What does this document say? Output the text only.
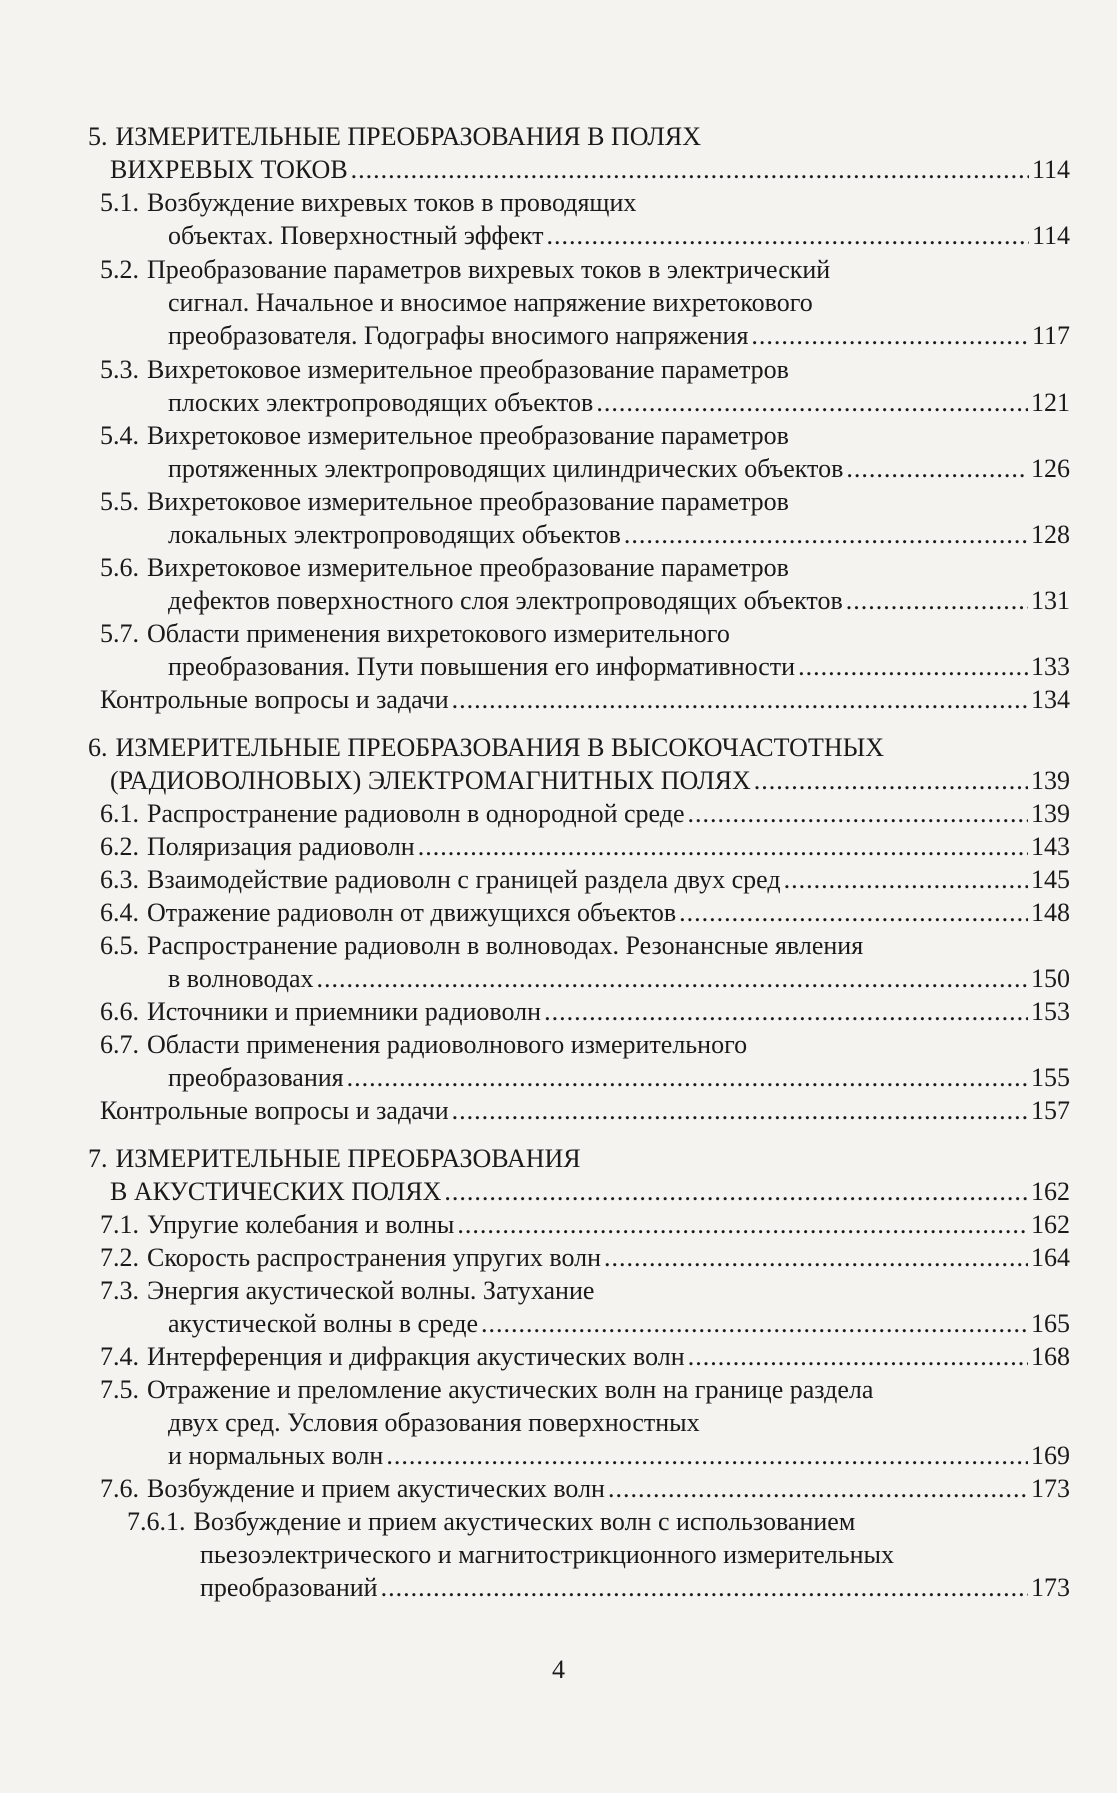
5. ИЗМЕРИТЕЛЬНЫЕ ПРЕОБРАЗОВАНИЯ В ПОЛЯХ
ВИХРЕВЫХ ТОКОВ .....	114
5.1. Возбуждение вихревых токов в проводящих
объектах. Поверхностный эффект .....	114
5.2. Преобразование параметров вихревых токов в электрический
сигнал. Начальное и вносимое напряжение вихретокового
преобразователя. Годографы вносимого напряжения .....	117
5.3. Вихретоковое измерительное преобразование параметров
плоских электропроводящих объектов .....	121
5.4. Вихретоковое измерительное преобразование параметров
протяженных электропроводящих цилиндрических объектов .....	126
5.5. Вихретоковое измерительное преобразование параметров
локальных электропроводящих объектов .....	128
5.6. Вихретоковое измерительное преобразование параметров
дефектов поверхностного слоя электропроводящих объектов .....	131
5.7. Области применения вихретокового измерительного
преобразования. Пути повышения его информативности .....	133
Контрольные вопросы и задачи .....	134
6. ИЗМЕРИТЕЛЬНЫЕ ПРЕОБРАЗОВАНИЯ В ВЫСОКОЧАСТОТНЫХ
(РАДИОВОЛНОВЫХ) ЭЛЕКТРОМАГНИТНЫХ ПОЛЯХ .....	139
6.1. Распространение радиоволн в однородной среде .....	139
6.2. Поляризация радиоволн .....	143
6.3. Взаимодействие радиоволн с границей раздела двух сред .....	145
6.4. Отражение радиоволн от движущихся объектов .....	148
6.5. Распространение радиоволн в волноводах. Резонансные явления
в волноводах .....	150
6.6. Источники и приемники радиоволн .....	153
6.7. Области применения радиоволнового измерительного
преобразования .....	155
Контрольные вопросы и задачи .....	157
7. ИЗМЕРИТЕЛЬНЫЕ ПРЕОБРАЗОВАНИЯ
В АКУСТИЧЕСКИХ ПОЛЯХ .....	162
7.1. Упругие колебания и волны .....	162
7.2. Скорость распространения упругих волн .....	164
7.3. Энергия акустической волны. Затухание
акустической волны в среде .....	165
7.4. Интерференция и дифракция акустических волн .....	168
7.5. Отражение и преломление акустических волн на границе раздела
двух сред. Условия образования поверхностных
и нормальных волн .....	169
7.6. Возбуждение и прием акустических волн .....	173
7.6.1. Возбуждение и прием акустических волн с использованием
пьезоэлектрического и магнитострикционного измерительных
преобразований .....	173
4
